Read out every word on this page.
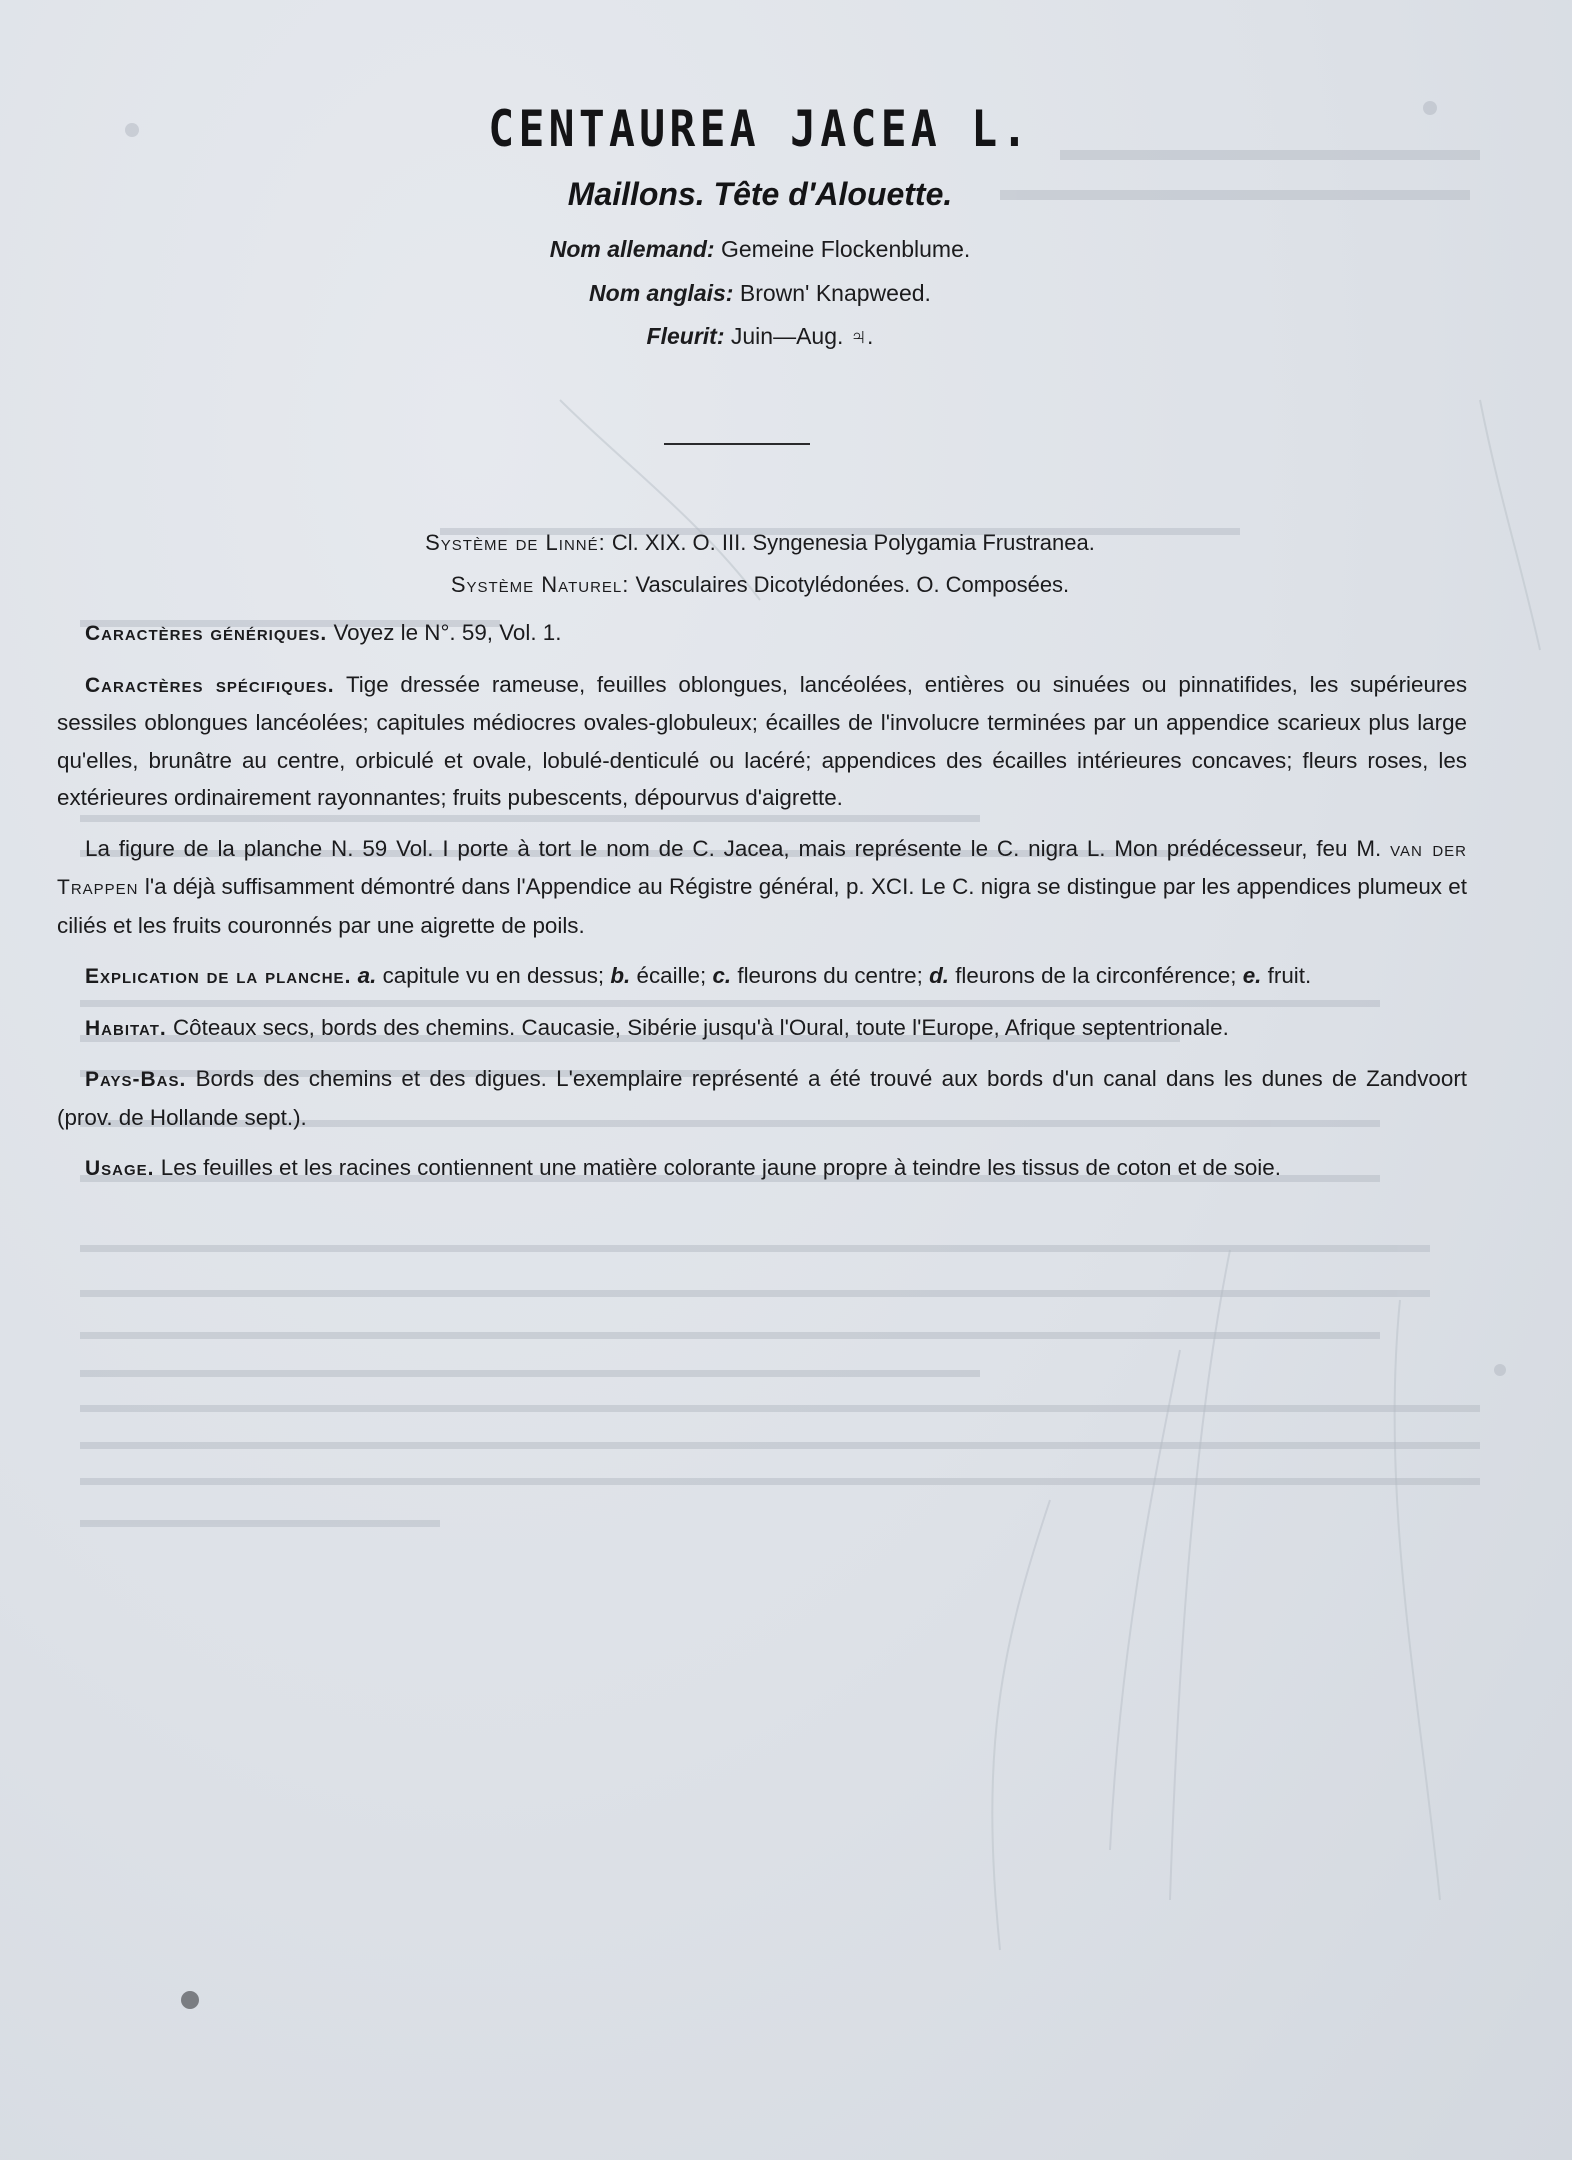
CENTAUREA JACEA L.
Maillons. Tête d'Alouette.
Nom allemand: Gemeine Flockenblume.
Nom anglais: Brown' Knapweed.
Fleurit: Juin—Aug. ♃.
Système de Linné: Cl. XIX. O. III. Syngenesia Polygamia Frustranea.
Système Naturel: Vasculaires Dicotylédonées. O. Composées.

Caractères génériques. Voyez le N°. 59, Vol. 1.

Caractères spécifiques. Tige dressée rameuse, feuilles oblongues, lancéolées, entières ou sinuées ou pinnatifides, les supérieures sessiles oblongues lancéolées; capitules médiocres ovales-globuleux; écailles de l'involucre terminées par un appendice scarieux plus large qu'elles, brunâtre au centre, orbiculé et ovale, lobulé-denticulé ou lacéré; appendices des écailles intérieures concaves; fleurs roses, les extérieures ordinairement rayonnantes; fruits pubescents, dépourvus d'aigrette.

La figure de la planche N. 59 Vol. I porte à tort le nom de C. Jacea, mais représente le C. nigra L. Mon prédécesseur, feu M. van der Trappen l'a déjà suffisamment démontré dans l'Appendice au Régistre général, p. XCI. Le C. nigra se distingue par les appendices plumeux et ciliés et les fruits couronnés par une aigrette de poils.

Explication de la planche. a. capitule vu en dessus; b. écaille; c. fleurons du centre; d. fleurons de la circonférence; e. fruit.

Habitat. Côteaux secs, bords des chemins. Caucasie, Sibérie jusqu'à l'Oural, toute l'Europe, Afrique septentrionale.

Pays-Bas. Bords des chemins et des digues. L'exemplaire représenté a été trouvé aux bords d'un canal dans les dunes de Zandvoort (prov. de Hollande sept.).

Usage. Les feuilles et les racines contiennent une matière colorante jaune propre à teindre les tissus de coton et de soie.
